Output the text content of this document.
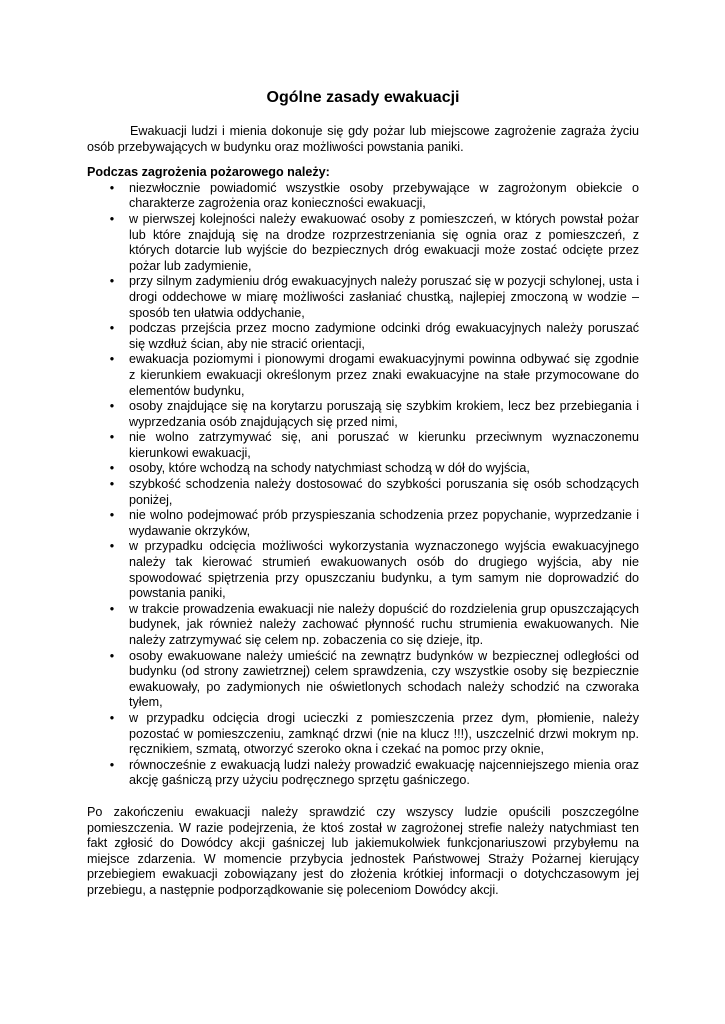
Ogólne zasady ewakuacji

Ewakuacji ludzi i mienia dokonuje się gdy pożar lub miejscowe zagrożenie zagraża życiu osób przebywających w budynku oraz możliwości powstania paniki.

Podczas zagrożenia pożarowego należy:

• niezwłocznie powiadomić wszystkie osoby przebywające w zagrożonym obiekcie o charakterze zagrożenia oraz konieczności ewakuacji,
• w pierwszej kolejności należy ewakuować osoby z pomieszczeń, w których powstał pożar lub które znajdują się na drodze rozprzestrzeniania się ognia oraz z pomieszczeń, z których dotarcie lub wyjście do bezpiecznych dróg ewakuacji może zostać odcięte przez pożar lub zadymienie,
• przy silnym zadymieniu dróg ewakuacyjnych należy poruszać się w pozycji schylonej, usta i drogi oddechowe w miarę możliwości zasłaniać chustką, najlepiej zmoczoną w wodzie – sposób ten ułatwia oddychanie,
• podczas przejścia przez mocno zadymione odcinki dróg ewakuacyjnych należy poruszać się wzdłuż ścian, aby nie stracić orientacji,
• ewakuacja poziomymi i pionowymi drogami ewakuacyjnymi powinna odbywać się zgodnie z kierunkiem ewakuacji określonym przez znaki ewakuacyjne na stałe przymocowane do elementów budynku,
• osoby znajdujące się na korytarzu poruszają się szybkim krokiem, lecz bez przebiegania i wyprzedzania osób znajdujących się przed nimi,
• nie wolno zatrzymywać się, ani poruszać w kierunku przeciwnym wyznaczonemu kierunkowi ewakuacji,
• osoby, które wchodzą na schody natychmiast schodzą w dół do wyjścia,
• szybkość schodzenia należy dostosować do szybkości poruszania się osób schodzących poniżej,
• nie wolno podejmować prób przyspieszania schodzenia przez popychanie, wyprzedzanie i wydawanie okrzyków,
• w przypadku odcięcia możliwości wykorzystania wyznaczonego wyjścia ewakuacyjnego należy tak kierować strumień ewakuowanych osób do drugiego wyjścia, aby nie spowodować spiętrzenia przy opuszczaniu budynku, a tym samym nie doprowadzić do powstania paniki,
• w trakcie prowadzenia ewakuacji nie należy dopuścić do rozdzielenia grup opuszczających budynek, jak również należy zachować płynność ruchu strumienia ewakuowanych. Nie należy zatrzymywać się celem np. zobaczenia co się dzieje, itp.
• osoby ewakuowane należy umieścić na zewnątrz budynków w bezpiecznej odległości od budynku (od strony zawietrznej) celem sprawdzenia, czy wszystkie osoby się bezpiecznie ewakuowały, po zadymionych nie oświetlonych schodach należy schodzić na czworaka tyłem,
• w przypadku odcięcia drogi ucieczki z pomieszczenia przez dym, płomienie, należy pozostać w pomieszczeniu, zamknąć drzwi (nie na klucz !!!), uszczelnić drzwi mokrym np. ręcznikiem, szmatą, otworzyć szeroko okna i czekać na pomoc przy oknie,
• równocześnie z ewakuacją ludzi należy prowadzić ewakuację najcenniejszego mienia oraz akcję gaśniczą przy użyciu podręcznego sprzętu gaśniczego.

Po zakończeniu ewakuacji należy sprawdzić czy wszyscy ludzie opuścili poszczególne pomieszczenia. W razie podejrzenia, że ktoś został w zagrożonej strefie należy natychmiast ten fakt zgłosić do Dowódcy akcji gaśniczej lub jakiemukolwiek funkcjonariuszowi przybyłemu na miejsce zdarzenia. W momencie przybycia jednostek Państwowej Straży Pożarnej kierujący przebiegiem ewakuacji zobowiązany jest do złożenia krótkiej informacji o dotychczasowym jej przebiegu, a następnie podporządkowanie się poleceniom Dowódcy akcji.
